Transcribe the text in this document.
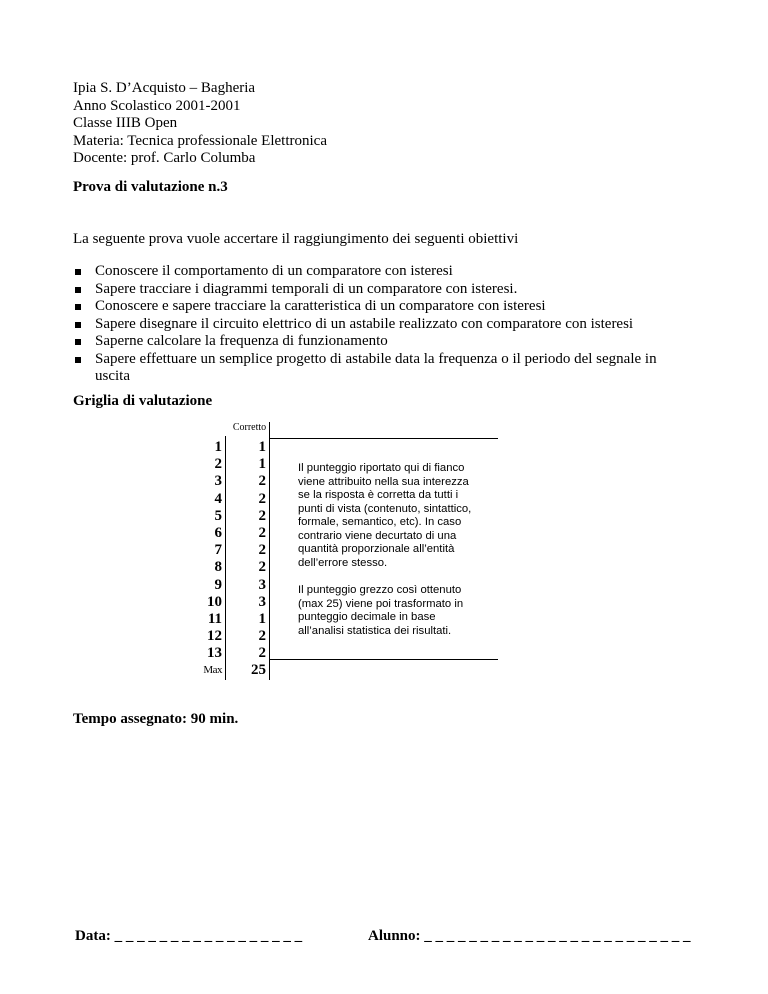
Ipia S. D’Acquisto – Bagheria
Anno Scolastico 2001-2001
Classe IIIB Open
Materia: Tecnica professionale Elettronica
Docente: prof. Carlo Columba
Prova di valutazione n.3
La seguente prova vuole accertare il raggiungimento dei seguenti obiettivi
Conoscere il comportamento di un comparatore con isteresi
Sapere tracciare i diagrammi temporali di un comparatore con isteresi.
Conoscere e sapere tracciare la caratteristica di un comparatore con isteresi
Sapere disegnare il circuito elettrico di un astabile realizzato con comparatore con isteresi
Saperne calcolare la frequenza di funzionamento
Sapere effettuare un semplice progetto di astabile data la frequenza o il periodo del segnale in
uscita
Griglia di valutazione
Corretto
1	1
2	1
3	2
4	2
5	2
6	2
7	2
8	2
9	3
10	3
11	1
12	2
13	2
Max	25

Il punteggio riportato qui di fianco
viene attribuito nella sua interezza
se la risposta è corretta da tutti i
punti di vista (contenuto, sintattico,
formale, semantico, etc). In caso
contrario viene decurtato di una
quantità proporzionale all’entità
dell’errore stesso.

Il punteggio grezzo così ottenuto
(max 25) viene poi trasformato in
punteggio decimale in base
all’analisi statistica dei risultati.

Tempo assegnato: 90 min.
Data: _ _ _ _ _ _ _ _ _ _ _ _ _ _ _ _ _	Alunno: _ _ _ _ _ _ _ _ _ _ _ _ _ _ _ _ _ _ _ _ _ _ _ _
